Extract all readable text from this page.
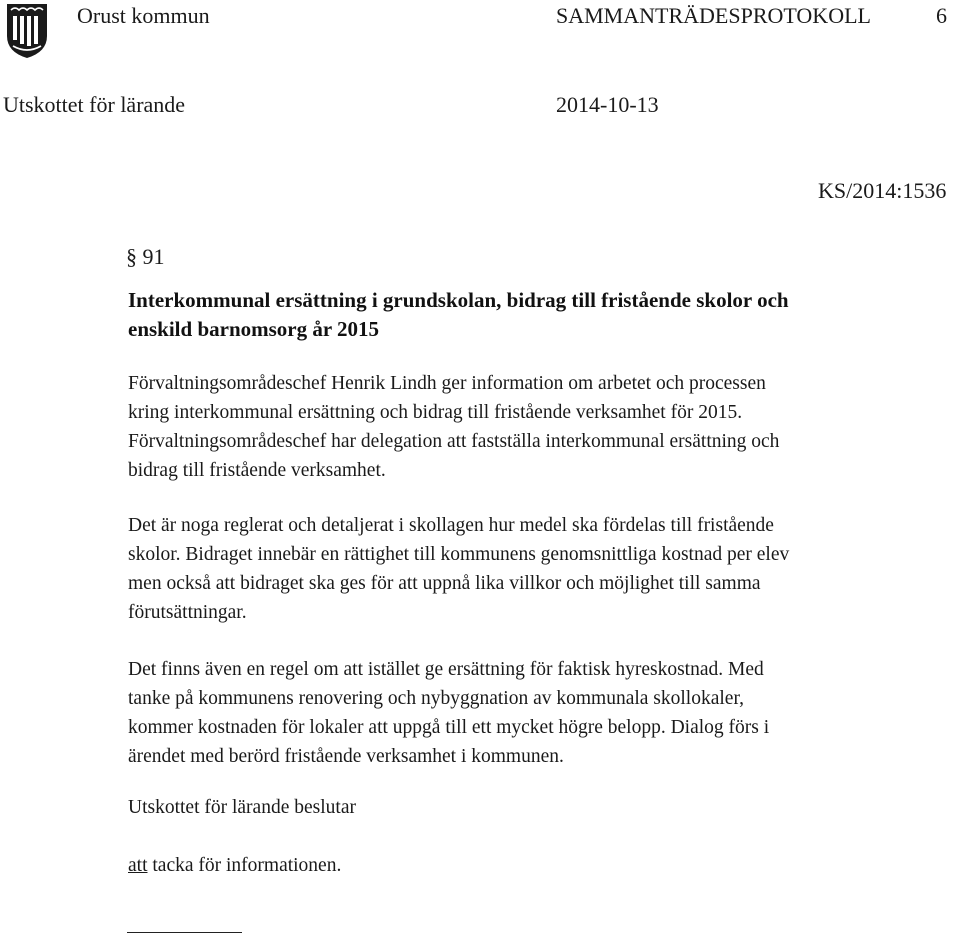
Orust kommun	SAMMANTRÄDESPROTOKOLL	6
Utskottet för lärande	2014-10-13
KS/2014:1536
§ 91
Interkommunal ersättning i grundskolan, bidrag till fristående skolor och
enskild barnomsorg år 2015
Förvaltningsområdeschef Henrik Lindh ger information om arbetet och processen
kring interkommunal ersättning och bidrag till fristående verksamhet för 2015.
Förvaltningsområdeschef har delegation att fastställa interkommunal ersättning och
bidrag till fristående verksamhet.
Det är noga reglerat och detaljerat i skollagen hur medel ska fördelas till fristående
skolor. Bidraget innebär en rättighet till kommunens genomsnittliga kostnad per elev
men också att bidraget ska ges för att uppnå lika villkor och möjlighet till samma
förutsättningar.
Det finns även en regel om att istället ge ersättning för faktisk hyreskostnad. Med
tanke på kommunens renovering och nybyggnation av kommunala skollokaler,
kommer kostnaden för lokaler att uppgå till ett mycket högre belopp. Dialog förs i
ärendet med berörd fristående verksamhet i kommunen.
Utskottet för lärande beslutar
att tacka för informationen.
